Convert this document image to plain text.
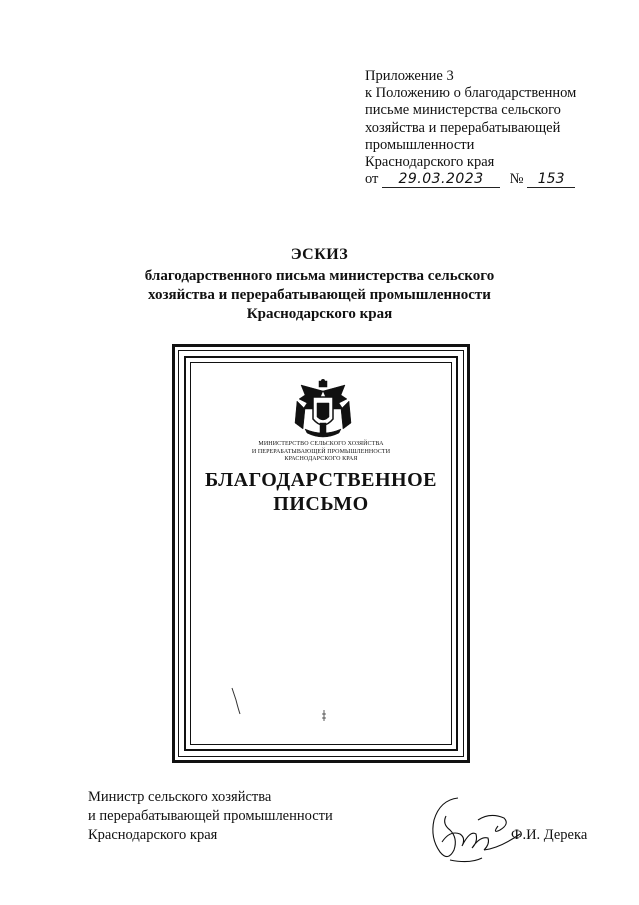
Приложение 3
к Положению о благодарственном
письме министерства сельского
хозяйства и перерабатывающей
промышленности
Краснодарского края
от 29.03.2023 № 153
ЭСКИЗ
благодарственного письма министерства сельского
хозяйства и перерабатывающей промышленности
Краснодарского края
МИНИСТЕРСТВО СЕЛЬСКОГО ХОЗЯЙСТВА
И ПЕРЕРАБАТЫВАЮЩЕЙ ПРОМЫШЛЕННОСТИ
КРАСНОДАРСКОГО КРАЯ
БЛАГОДАРСТВЕННОЕ
ПИСЬМО
Министр сельского хозяйства
и перерабатывающей промышленности
Краснодарского края	Ф.И. Дерека
